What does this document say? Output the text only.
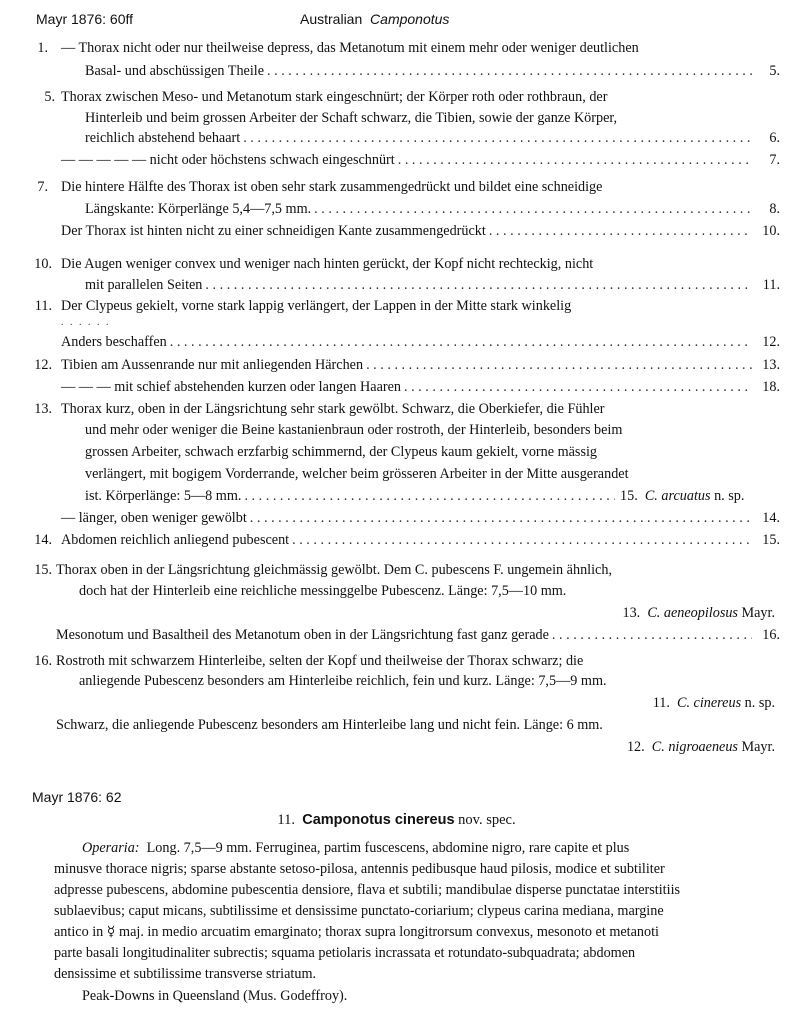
Mayr 1876: 60ff	Australian Camponotus
1. — Thorax nicht oder nur theilweise depress, das Metanotum mit einem mehr oder weniger deutlichen
Basal- und abschüssigen Theile . . .	5.
5. Thorax zwischen Meso- und Metanotum stark eingeschnürt; der Körper roth oder rothbraun, der
Hinterleib und beim grossen Arbeiter der Schaft schwarz, die Tibien, sowie der ganze Körper,
reichlich abstehend behaart . . .	6.
— — — — — nicht oder höchstens schwach eingeschnürt . . .	7.
7. Die hintere Hälfte des Thorax ist oben sehr stark zusammengedrückt und bildet eine schneidige
Längskante: Körperlänge 5,4—7,5 mm. . . .	8.
Der Thorax ist hinten nicht zu einer schneidigen Kante zusammengedrückt . . .	10.
10. Die Augen weniger convex und weniger nach hinten gerückt, der Kopf nicht rechteckig, nicht
mit parallelen Seiten . . .	11.
11. Der Clypeus gekielt, vorne stark lappig verlängert, der Lappen in der Mitte stark winkelig
. . . . . .
Anders beschaffen . . .	12.
12. Tibien am Aussenrande nur mit anliegenden Härchen . . .	13.
— — — mit schief abstehenden kurzen oder langen Haaren . . .	18.
13. Thorax kurz, oben in der Längsrichtung sehr stark gewölbt. Schwarz, die Oberkiefer, die Fühler
und mehr oder weniger die Beine kastanienbraun oder rostroth, der Hinterleib, besonders beim
grossen Arbeiter, schwach erzfarbig schimmernd, der Clypeus kaum gekielt, vorne mässig
verlängert, mit bogigem Vorderrande, welcher beim grösseren Arbeiter in der Mitte ausgerandet
ist. Körperlänge: 5—8 mm. . . .	15. C. arcuatus n. sp.
— länger, oben weniger gewölbt . . .	14.
14. Abdomen reichlich anliegend pubescent . . .	15.
15. Thorax oben in der Längsrichtung gleichmässig gewölbt. Dem C. pubescens F. ungemein ähnlich,
doch hat der Hinterleib eine reichliche messinggelbe Pubescenz. Länge: 7,5—10 mm.
13. C. aeneopilosus Mayr.
Mesonotum und Basaltheil des Metanotum oben in der Längsrichtung fast ganz gerade . . .	16.
16. Rostroth mit schwarzem Hinterleibe, selten der Kopf und theilweise der Thorax schwarz; die
anliegende Pubescenz besonders am Hinterleibe reichlich, fein und kurz. Länge: 7,5—9 mm.
11. C. cinereus n. sp.
Schwarz, die anliegende Pubescenz besonders am Hinterleibe lang und nicht fein. Länge: 6 mm.
12. C. nigroaeneus Mayr.
Mayr 1876: 62
11. Camponotus cinereus nov. spec.
Operaria: Long. 7,5—9 mm. Ferruginea, partim fuscescens, abdomine nigro, rare capite et plus
minusve thorace nigris; sparse abstante setoso-pilosa, antennis pedibusque haud pilosis, modice et subtiliter
adpresse pubescens, abdomine pubescentia densiore, flava et subtili; mandibulae disperse punctatae interstitiis
sublaevibus; caput micans, subtilissime et densissime punctato-coriarium; clypeus carina mediana, margine
antico in ☿ maj. in medio arcuatim emarginato; thorax supra longitrorsum convexus, mesonoto et metanoti
parte basali longitudinaliter subrectis; squama petiolaris incrassata et rotundato-subquadrata; abdomen
densissime et subtilissime transverse striatum.
Peak-Downs in Queensland (Mus. Godeffroy).
